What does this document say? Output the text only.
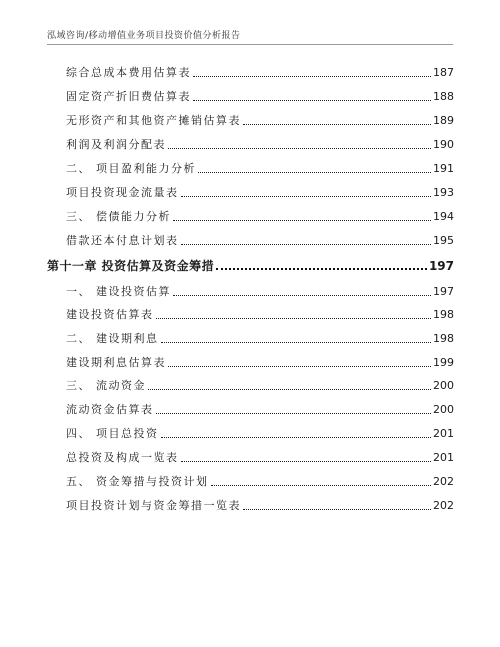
泓域咨询/移动增值业务项目投资价值分析报告
综合总成本费用估算表	187
固定资产折旧费估算表	188
无形资产和其他资产摊销估算表	189
利润及利润分配表	190
二、 项目盈利能力分析	191
项目投资现金流量表	193
三、 偿债能力分析	194
借款还本付息计划表	195
第十一章 投资估算及资金筹措	197
一、 建设投资估算	197
建设投资估算表	198
二、 建设期利息	198
建设期利息估算表	199
三、 流动资金	200
流动资金估算表	200
四、 项目总投资	201
总投资及构成一览表	201
五、 资金筹措与投资计划	202
项目投资计划与资金筹措一览表	202
